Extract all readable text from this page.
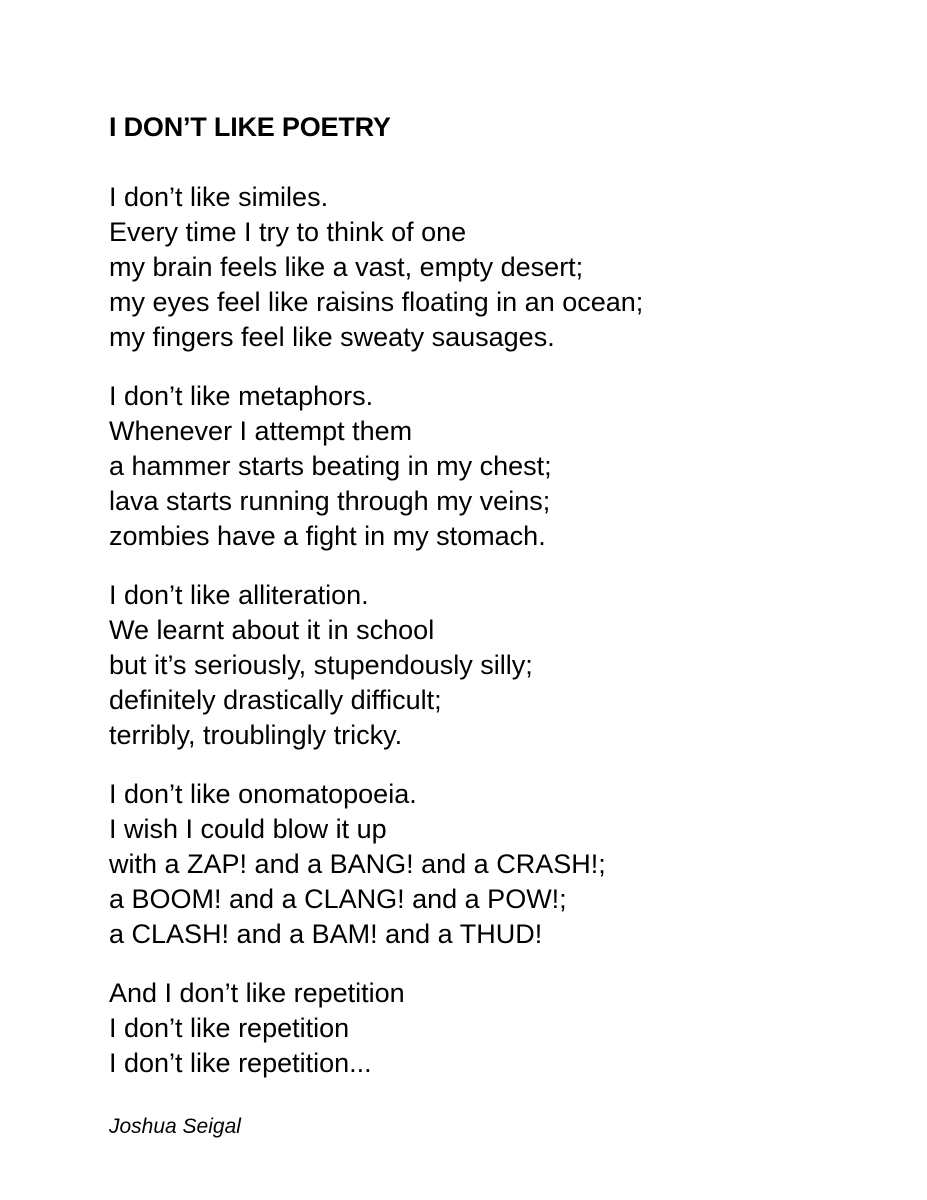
I DON’T LIKE POETRY
I don’t like similes.
Every time I try to think of one
my brain feels like a vast, empty desert;
my eyes feel like raisins floating in an ocean;
my fingers feel like sweaty sausages.
I don’t like metaphors.
Whenever I attempt them
a hammer starts beating in my chest;
lava starts running through my veins;
zombies have a fight in my stomach.
I don’t like alliteration.
We learnt about it in school
but it’s seriously, stupendously silly;
definitely drastically difficult;
terribly, troublingly tricky.
I don’t like onomatopoeia.
I wish I could blow it up
with a ZAP! and a BANG! and a CRASH!;
a BOOM! and a CLANG! and a POW!;
a CLASH! and a BAM! and a THUD!
And I don’t like repetition
I don’t like repetition
I don’t like repetition...
Joshua Seigal
